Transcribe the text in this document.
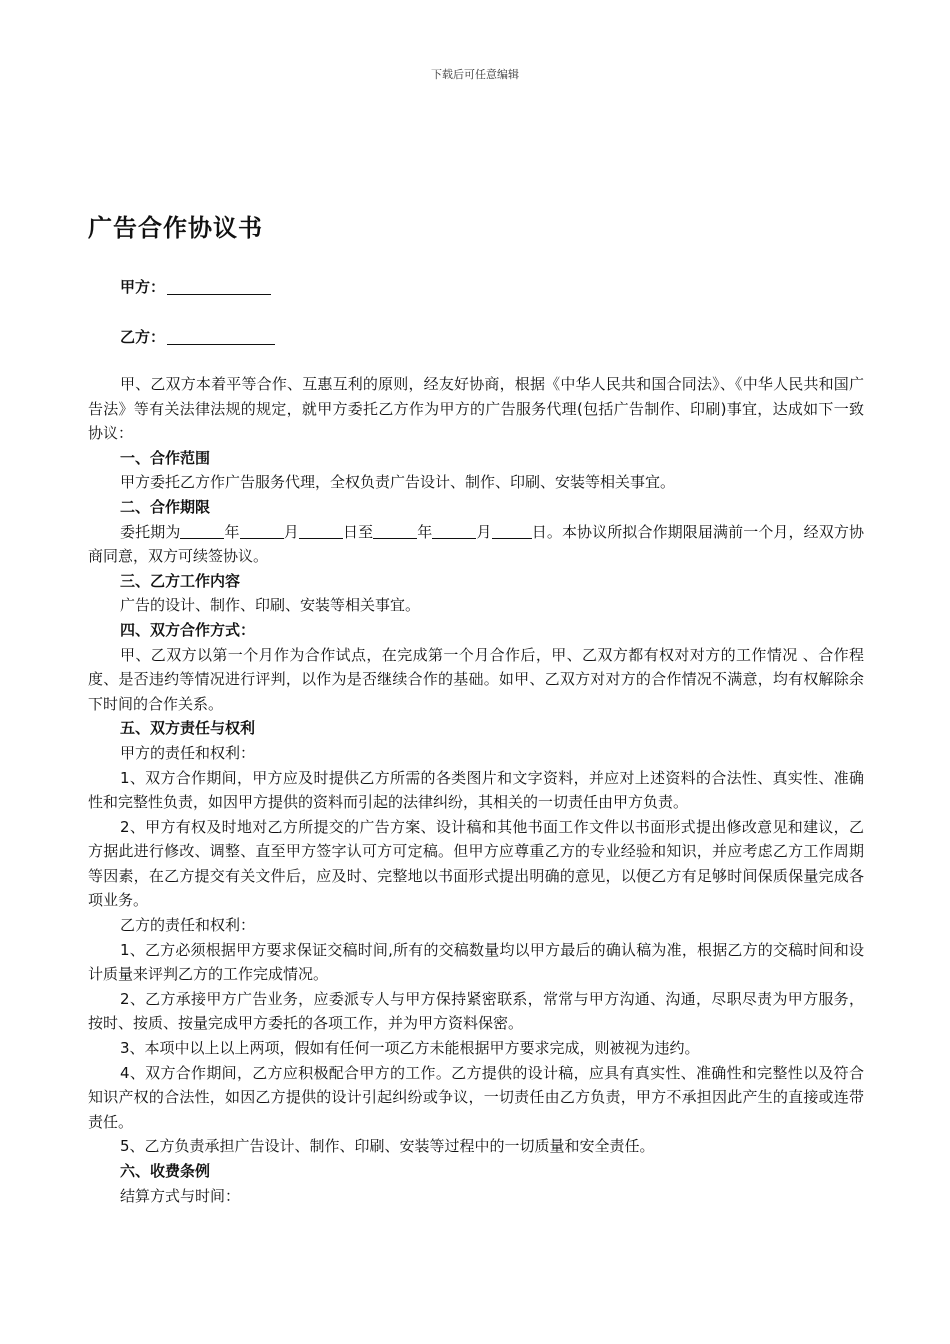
下载后可任意编辑
广告合作协议书
甲方：
乙方：

甲、乙双方本着平等合作、互惠互利的原则，经友好协商，根据《中华人民共和国合同法》、《中华人民共和国广告法》等有关法律法规的规定，就甲方委托乙方作为甲方的广告服务代理(包括广告制作、印刷)事宜，达成如下一致协议：

一、合作范围

甲方委托乙方作广告服务代理，全权负责广告设计、制作、印刷、安装等相关事宜。

二、合作期限

委托期为	年	月	日至	年	月	日。本协议所拟合作期限届满前一个月，经双方协商同意，双方可续签协议。

三、乙方工作内容

广告的设计、制作、印刷、安装等相关事宜。

四、双方合作方式：

甲、乙双方以第一个月作为合作试点，在完成第一个月合作后，甲、乙双方都有权对对方的工作情况 、合作程度、是否违约等情况进行评判，以作为是否继续合作的基础。如甲、乙双方对对方的合作情况不满意，均有权解除余下时间的合作关系。

五、双方责任与权利

甲方的责任和权利：

1、双方合作期间，甲方应及时提供乙方所需的各类图片和文字资料，并应对上述资料的合法性、真实性、准确性和完整性负责，如因甲方提供的资料而引起的法律纠纷，其相关的一切责任由甲方负责。

2、甲方有权及时地对乙方所提交的广告方案、设计稿和其他书面工作文件以书面形式提出修改意见和建议，乙方据此进行修改、调整、直至甲方签字认可方可定稿。但甲方应尊重乙方的专业经验和知识，并应考虑乙方工作周期等因素，在乙方提交有关文件后，应及时、完整地以书面形式提出明确的意见，以便乙方有足够时间保质保量完成各项业务。

乙方的责任和权利：

1、乙方必须根据甲方要求保证交稿时间,所有的交稿数量均以甲方最后的确认稿为准，根据乙方的交稿时间和设计质量来评判乙方的工作完成情况。

2、乙方承接甲方广告业务，应委派专人与甲方保持紧密联系，常常与甲方沟通、沟通，尽职尽责为甲方服务，按时、按质、按量完成甲方委托的各项工作，并为甲方资料保密。

3、本项中以上以上两项，假如有任何一项乙方未能根据甲方要求完成，则被视为违约。

4、双方合作期间，乙方应积极配合甲方的工作。乙方提供的设计稿，应具有真实性、准确性和完整性以及符合知识产权的合法性，如因乙方提供的设计引起纠纷或争议，一切责任由乙方负责，甲方不承担因此产生的直接或连带责任。

5、乙方负责承担广告设计、制作、印刷、安装等过程中的一切质量和安全责任。

六、收费条例

结算方式与时间：
